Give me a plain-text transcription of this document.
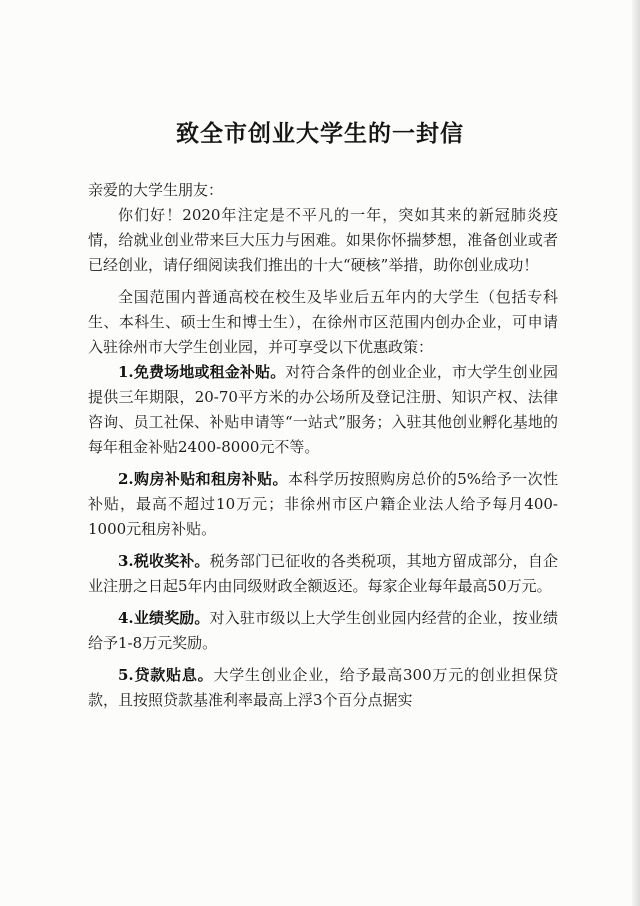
致全市创业大学生的一封信

亲爱的大学生朋友：

你们好！2020年注定是不平凡的一年，突如其来的新冠肺炎疫情，给就业创业带来巨大压力与困难。如果你怀揣梦想，准备创业或者已经创业，请仔细阅读我们推出的十大“硬核”举措，助你创业成功！

全国范围内普通高校在校生及毕业后五年内的大学生（包括专科生、本科生、硕士生和博士生），在徐州市区范围内创办企业，可申请入驻徐州市大学生创业园，并可享受以下优惠政策：

1.免费场地或租金补贴。对符合条件的创业企业，市大学生创业园提供三年期限，20-70平方米的办公场所及登记注册、知识产权、法律咨询、员工社保、补贴申请等“一站式”服务；入驻其他创业孵化基地的每年租金补贴2400-8000元不等。

2.购房补贴和租房补贴。本科学历按照购房总价的5%给予一次性补贴，最高不超过10万元；非徐州市区户籍企业法人给予每月400-1000元租房补贴。

3.税收奖补。税务部门已征收的各类税项，其地方留成部分，自企业注册之日起5年内由同级财政全额返还。每家企业每年最高50万元。

4.业绩奖励。对入驻市级以上大学生创业园内经营的企业，按业绩给予1-8万元奖励。

5.贷款贴息。大学生创业企业，给予最高300万元的创业担保贷款，且按照贷款基准利率最高上浮3个百分点据实
